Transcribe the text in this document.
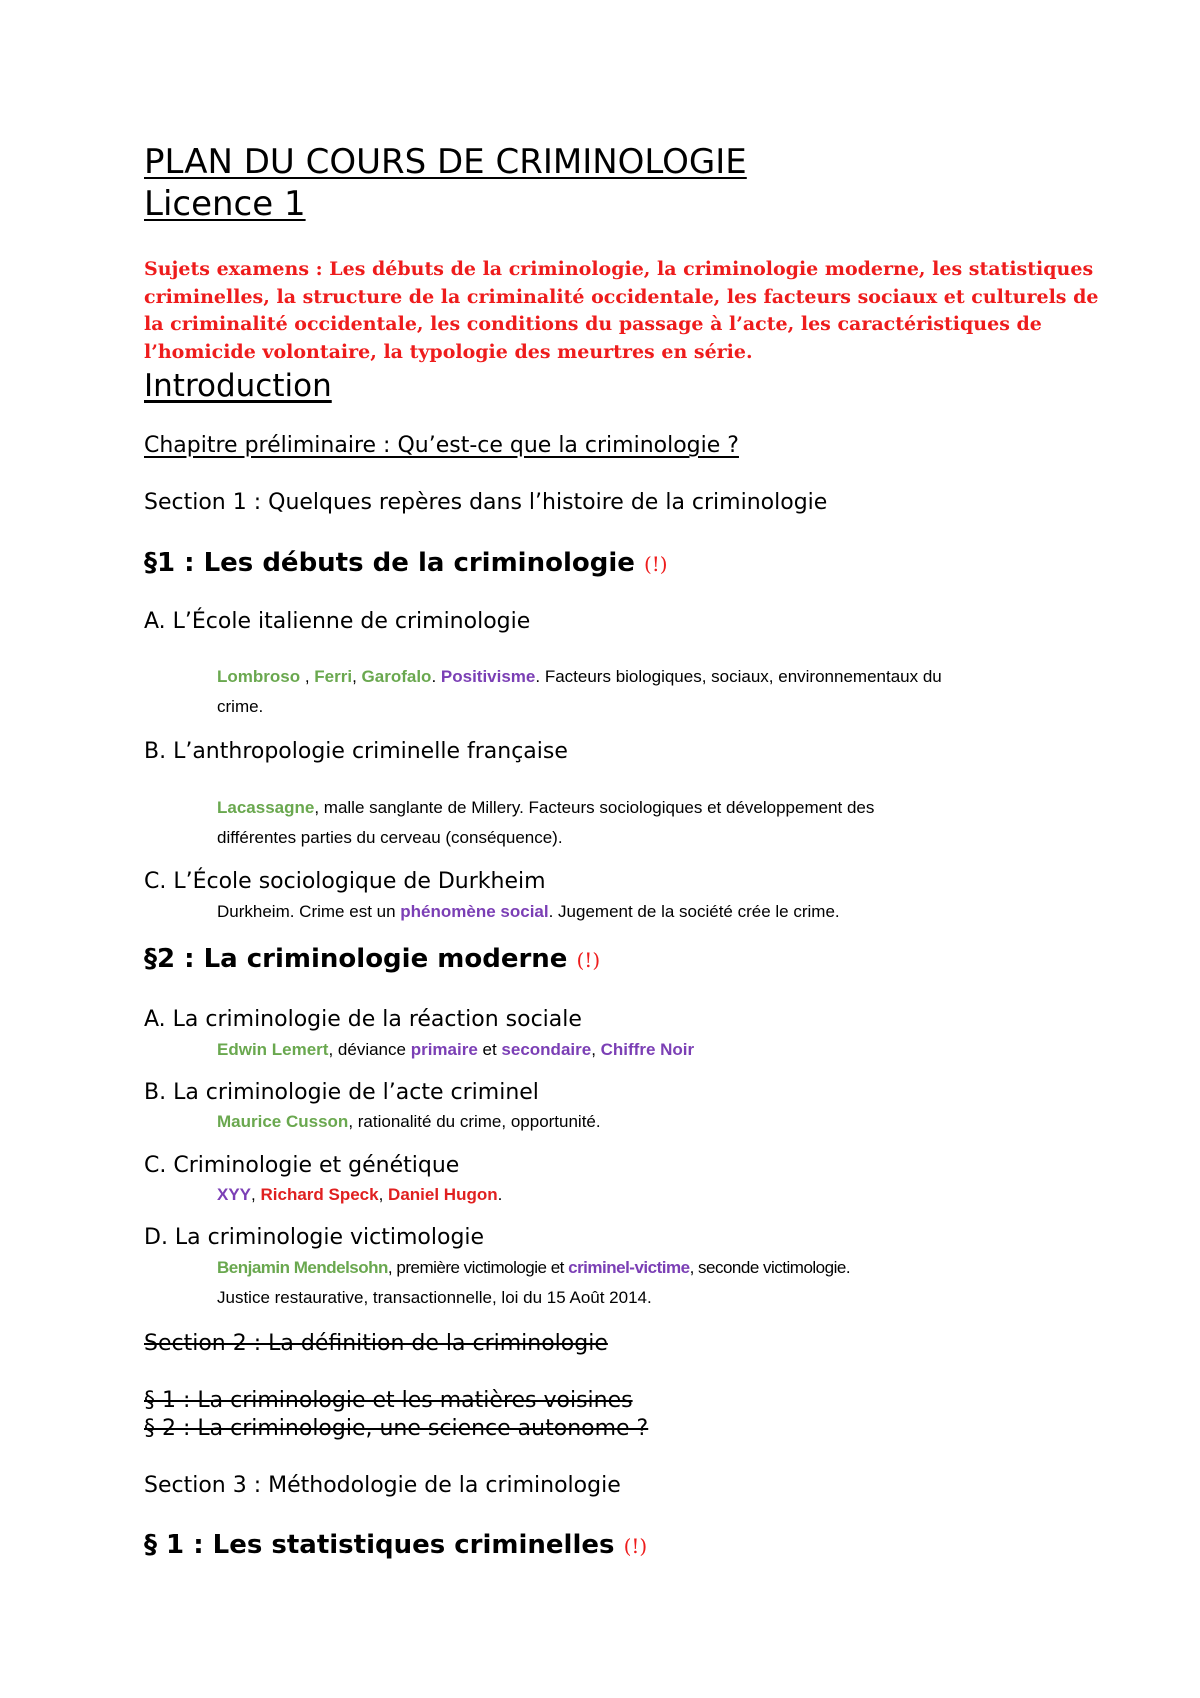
PLAN DU COURS DE CRIMINOLOGIE
Licence 1
Sujets examens : Les débuts de la criminologie, la criminologie moderne, les statistiques
criminelles, la structure de la criminalité occidentale, les facteurs sociaux et culturels de
la criminalité occidentale, les conditions du passage à l’acte, les caractéristiques de
l’homicide volontaire, la typologie des meurtres en série.
Introduction
Chapitre préliminaire : Qu’est-ce que la criminologie ?
Section 1 : Quelques repères dans l’histoire de la criminologie
§1 : Les débuts de la criminologie (!)
A. L’École italienne de criminologie
Lombroso , Ferri, Garofalo. Positivisme. Facteurs biologiques, sociaux, environnementaux du
crime.
B. L’anthropologie criminelle française
Lacassagne, malle sanglante de Millery. Facteurs sociologiques et développement des
différentes parties du cerveau (conséquence).
C. L’École sociologique de Durkheim
Durkheim. Crime est un phénomène social. Jugement de la société crée le crime.
§2 : La criminologie moderne (!)
A. La criminologie de la réaction sociale
Edwin Lemert, déviance primaire et secondaire, Chiffre Noir
B. La criminologie de l’acte criminel
Maurice Cusson, rationalité du crime, opportunité.
C. Criminologie et génétique
XYY, Richard Speck, Daniel Hugon.
D. La criminologie victimologie
Benjamin Mendelsohn, première victimologie et criminel-victime, seconde victimologie.
Justice restaurative, transactionnelle, loi du 15 Août 2014.
Section 2 : La définition de la criminologie
§ 1 : La criminologie et les matières voisines
§ 2 : La criminologie, une science autonome ?
Section 3 : Méthodologie de la criminologie
§ 1 : Les statistiques criminelles (!)
